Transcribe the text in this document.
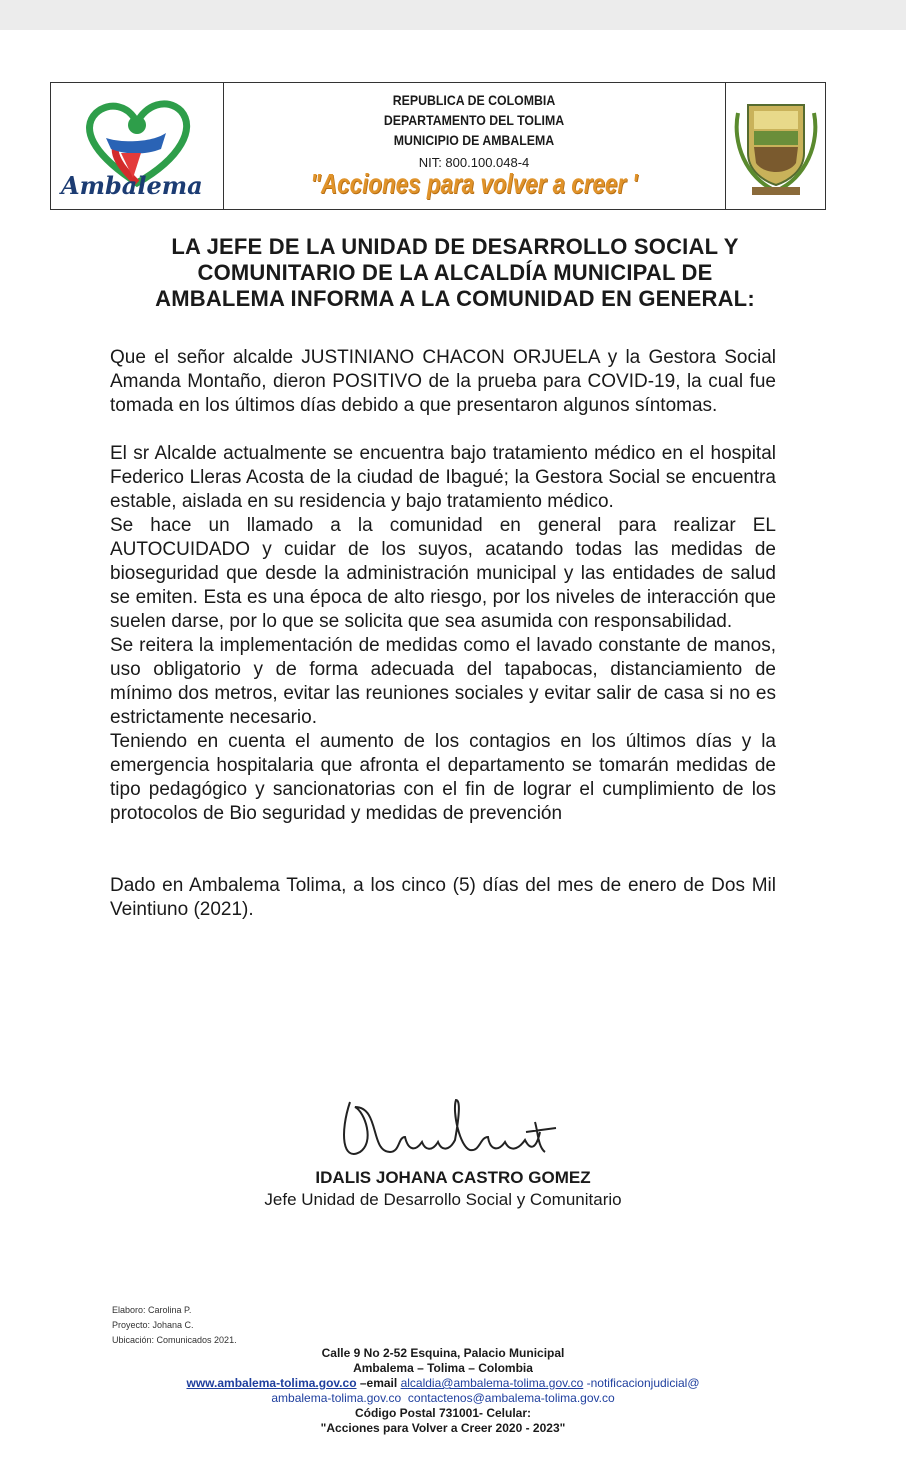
Ambalema
REPUBLICA DE COLOMBIA
DEPARTAMENTO DEL TOLIMA
MUNICIPIO DE AMBALEMA
NIT: 800.100.048-4
"Acciones para volver a creer '
LA JEFE DE LA UNIDAD DE DESARROLLO SOCIAL Y
COMUNITARIO DE LA ALCALDÍA MUNICIPAL DE
AMBALEMA INFORMA A LA COMUNIDAD EN GENERAL:

Que el señor alcalde JUSTINIANO CHACON ORJUELA y la Gestora Social Amanda Montaño, dieron POSITIVO de la prueba para COVID-19, la cual fue tomada en los últimos días debido a que presentaron algunos síntomas.

El sr Alcalde actualmente se encuentra bajo tratamiento médico en el hospital Federico Lleras Acosta de la ciudad de Ibagué; la Gestora Social se encuentra estable, aislada en su residencia y bajo tratamiento médico.

Se hace un llamado a la comunidad en general para realizar EL AUTOCUIDADO y cuidar de los suyos, acatando todas las medidas de bioseguridad que desde la administración municipal y las entidades de salud se emiten. Esta es una época de alto riesgo, por los niveles de interacción que suelen darse, por lo que se solicita que sea asumida con responsabilidad.

Se reitera la implementación de medidas como el lavado constante de manos, uso obligatorio y de forma adecuada del tapabocas, distanciamiento de mínimo dos metros, evitar las reuniones sociales y evitar salir de casa si no es estrictamente necesario.

Teniendo en cuenta el aumento de los contagios en los últimos días y la emergencia hospitalaria que afronta el departamento se tomarán medidas de tipo pedagógico y sancionatorias con el fin de lograr el cumplimiento de los protocolos de Bio seguridad y medidas de prevención

Dado en Ambalema Tolima, a los cinco (5) días del mes de enero de Dos Mil Veintiuno (2021).

IDALIS JOHANA CASTRO GOMEZ
Jefe Unidad de Desarrollo Social y Comunitario
Elaboro: Carolina P.
Proyecto: Johana C.
Ubicación: Comunicados 2021.
Calle 9 No 2-52 Esquina, Palacio Municipal
Ambalema – Tolima – Colombia
www.ambalema-tolima.gov.co –email alcaldia@ambalema-tolima.gov.co -notificacionjudicial@
ambalema-tolima.gov.co contactenos@ambalema-tolima.gov.co
Código Postal 731001- Celular:
"Acciones para Volver a Creer 2020 - 2023"
